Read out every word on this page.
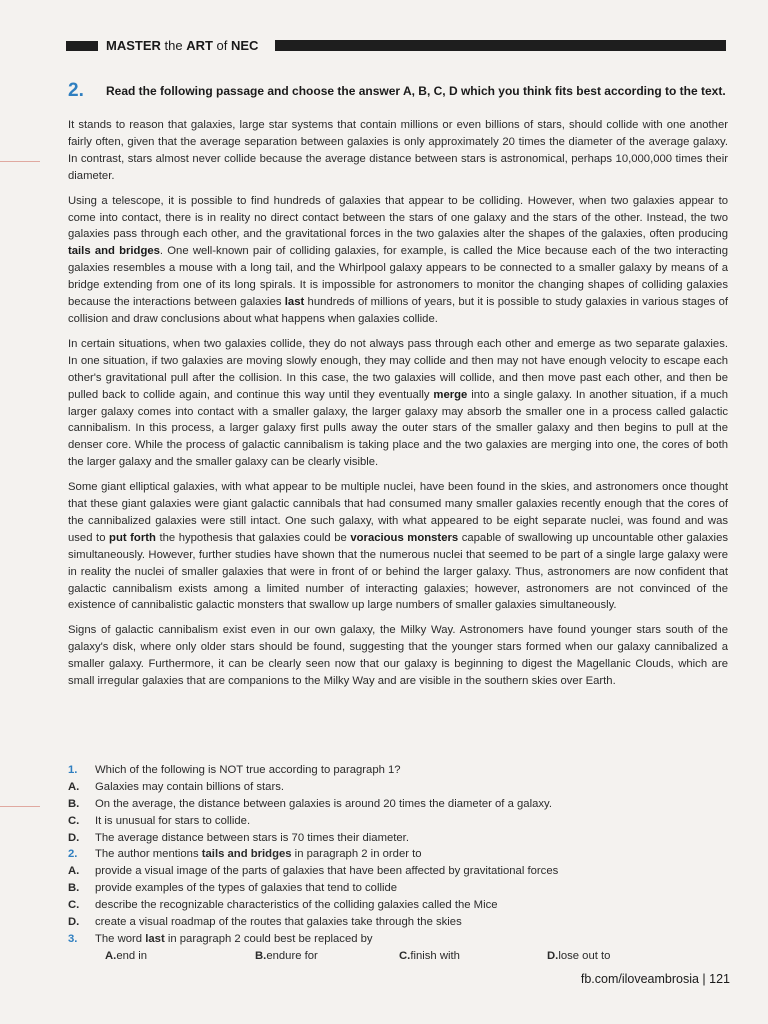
MASTER the ART of NEC
2. Read the following passage and choose the answer A, B, C, D which you think fits best according to the text.

It stands to reason that galaxies, large star systems that contain millions or even billions of stars, should collide with one another fairly often, given that the average separation between galaxies is only approximately 20 times the diameter of the average galaxy. In contrast, stars almost never collide because the average distance between stars is astronomical, perhaps 10,000,000 times their diameter.

Using a telescope, it is possible to find hundreds of galaxies that appear to be colliding. However, when two galaxies appear to come into contact, there is in reality no direct contact between the stars of one galaxy and the stars of the other. Instead, the two galaxies pass through each other, and the gravitational forces in the two galaxies alter the shapes of the galaxies, often producing tails and bridges. One well-known pair of colliding galaxies, for example, is called the Mice because each of the two interacting galaxies resembles a mouse with a long tail, and the Whirlpool galaxy appears to be connected to a smaller galaxy by means of a bridge extending from one of its long spirals. It is impossible for astronomers to monitor the changing shapes of colliding galaxies because the interactions between galaxies last hundreds of millions of years, but it is possible to study galaxies in various stages of collision and draw conclusions about what happens when galaxies collide.

In certain situations, when two galaxies collide, they do not always pass through each other and emerge as two separate galaxies. In one situation, if two galaxies are moving slowly enough, they may collide and then may not have enough velocity to escape each other's gravitational pull after the collision. In this case, the two galaxies will collide, and then move past each other, and then be pulled back to collide again, and continue this way until they eventually merge into a single galaxy. In another situation, if a much larger galaxy comes into contact with a smaller galaxy, the larger galaxy may absorb the smaller one in a process called galactic cannibalism. In this process, a larger galaxy first pulls away the outer stars of the smaller galaxy and then begins to pull at the denser core. While the process of galactic cannibalism is taking place and the two galaxies are merging into one, the cores of both the larger galaxy and the smaller galaxy can be clearly visible.

Some giant elliptical galaxies, with what appear to be multiple nuclei, have been found in the skies, and astronomers once thought that these giant galaxies were giant galactic cannibals that had consumed many smaller galaxies recently enough that the cores of the cannibalized galaxies were still intact. One such galaxy, with what appeared to be eight separate nuclei, was found and was used to put forth the hypothesis that galaxies could be voracious monsters capable of swallowing up uncountable other galaxies simultaneously. However, further studies have shown that the numerous nuclei that seemed to be part of a single large galaxy were in reality the nuclei of smaller galaxies that were in front of or behind the larger galaxy. Thus, astronomers are now confident that galactic cannibalism exists among a limited number of interacting galaxies; however, astronomers are not convinced of the existence of cannibalistic galactic monsters that swallow up large numbers of smaller galaxies simultaneously.

Signs of galactic cannibalism exist even in our own galaxy, the Milky Way. Astronomers have found younger stars south of the galaxy's disk, where only older stars should be found, suggesting that the younger stars formed when our galaxy cannibalized a smaller galaxy. Furthermore, it can be clearly seen now that our galaxy is beginning to digest the Magellanic Clouds, which are small irregular galaxies that are companions to the Milky Way and are visible in the southern skies over Earth.

1. Which of the following is NOT true according to paragraph 1?
A. Galaxies may contain billions of stars.
B. On the average, the distance between galaxies is around 20 times the diameter of a galaxy.
C. It is unusual for stars to collide.
D. The average distance between stars is 70 times their diameter.
2. The author mentions tails and bridges in paragraph 2 in order to
A. provide a visual image of the parts of galaxies that have been affected by gravitational forces
B. provide examples of the types of galaxies that tend to collide
C. describe the recognizable characteristics of the colliding galaxies called the Mice
D. create a visual roadmap of the routes that galaxies take through the skies
3. The word last in paragraph 2 could best be replaced by
A. end in	B. endure for	C. finish with	D. lose out to
fb.com/iloveambrosia | 121
